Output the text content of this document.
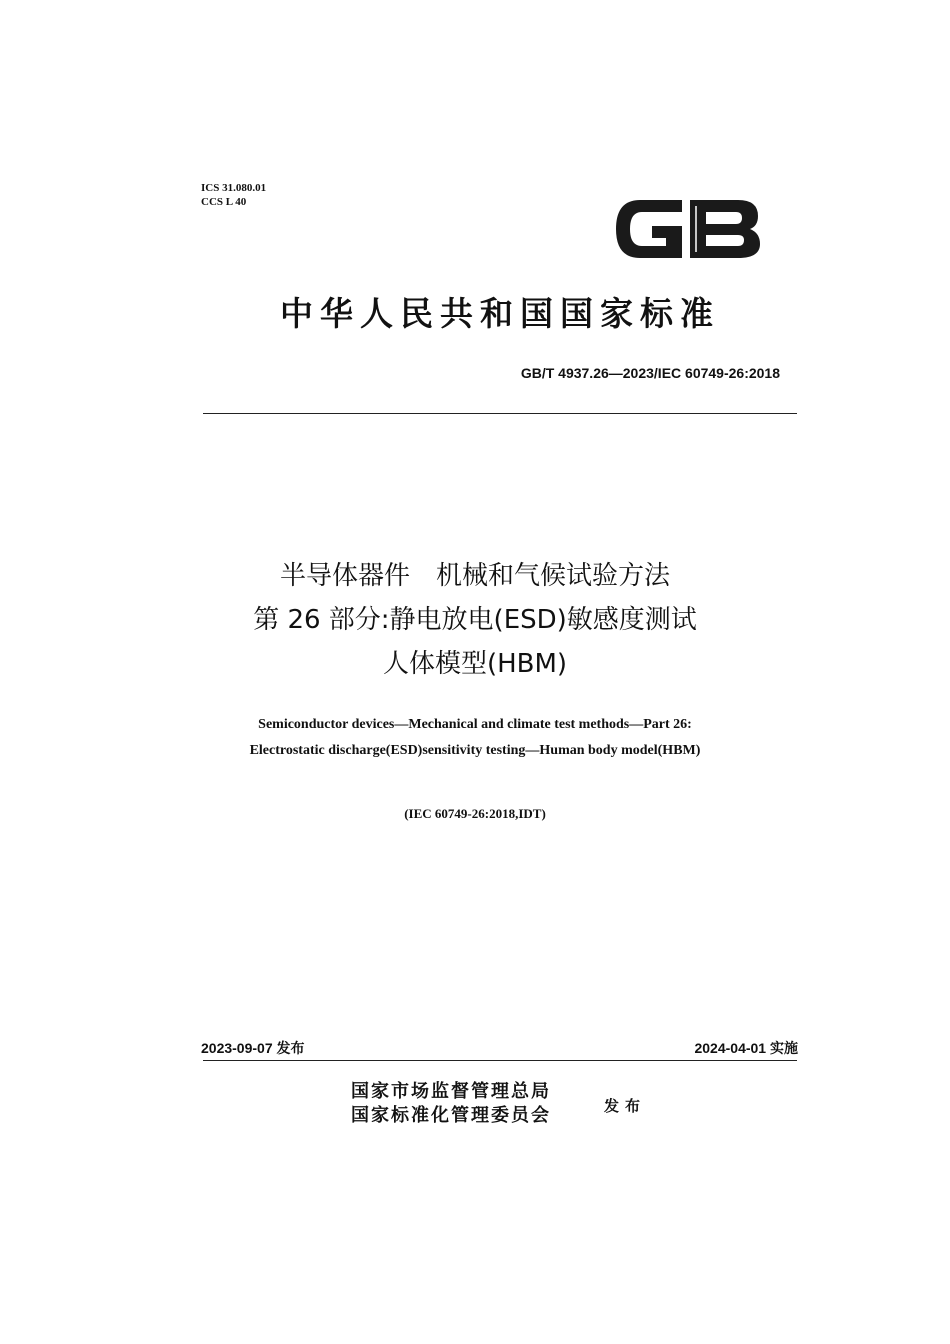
ICS 31.080.01
CCS L 40
中华人民共和国国家标准
GB/T 4937.26—2023/IEC 60749-26:2018
半导体器件　机械和气候试验方法
第 26 部分:静电放电(ESD)敏感度测试
人体模型(HBM)
Semiconductor devices—Mechanical and climate test methods—Part 26:
Electrostatic discharge(ESD)sensitivity testing—Human body model(HBM)
(IEC 60749-26:2018,IDT)
2023-09-07 发布	2024-04-01 实施
国家市场监督管理总局
国家标准化管理委员会	发布
